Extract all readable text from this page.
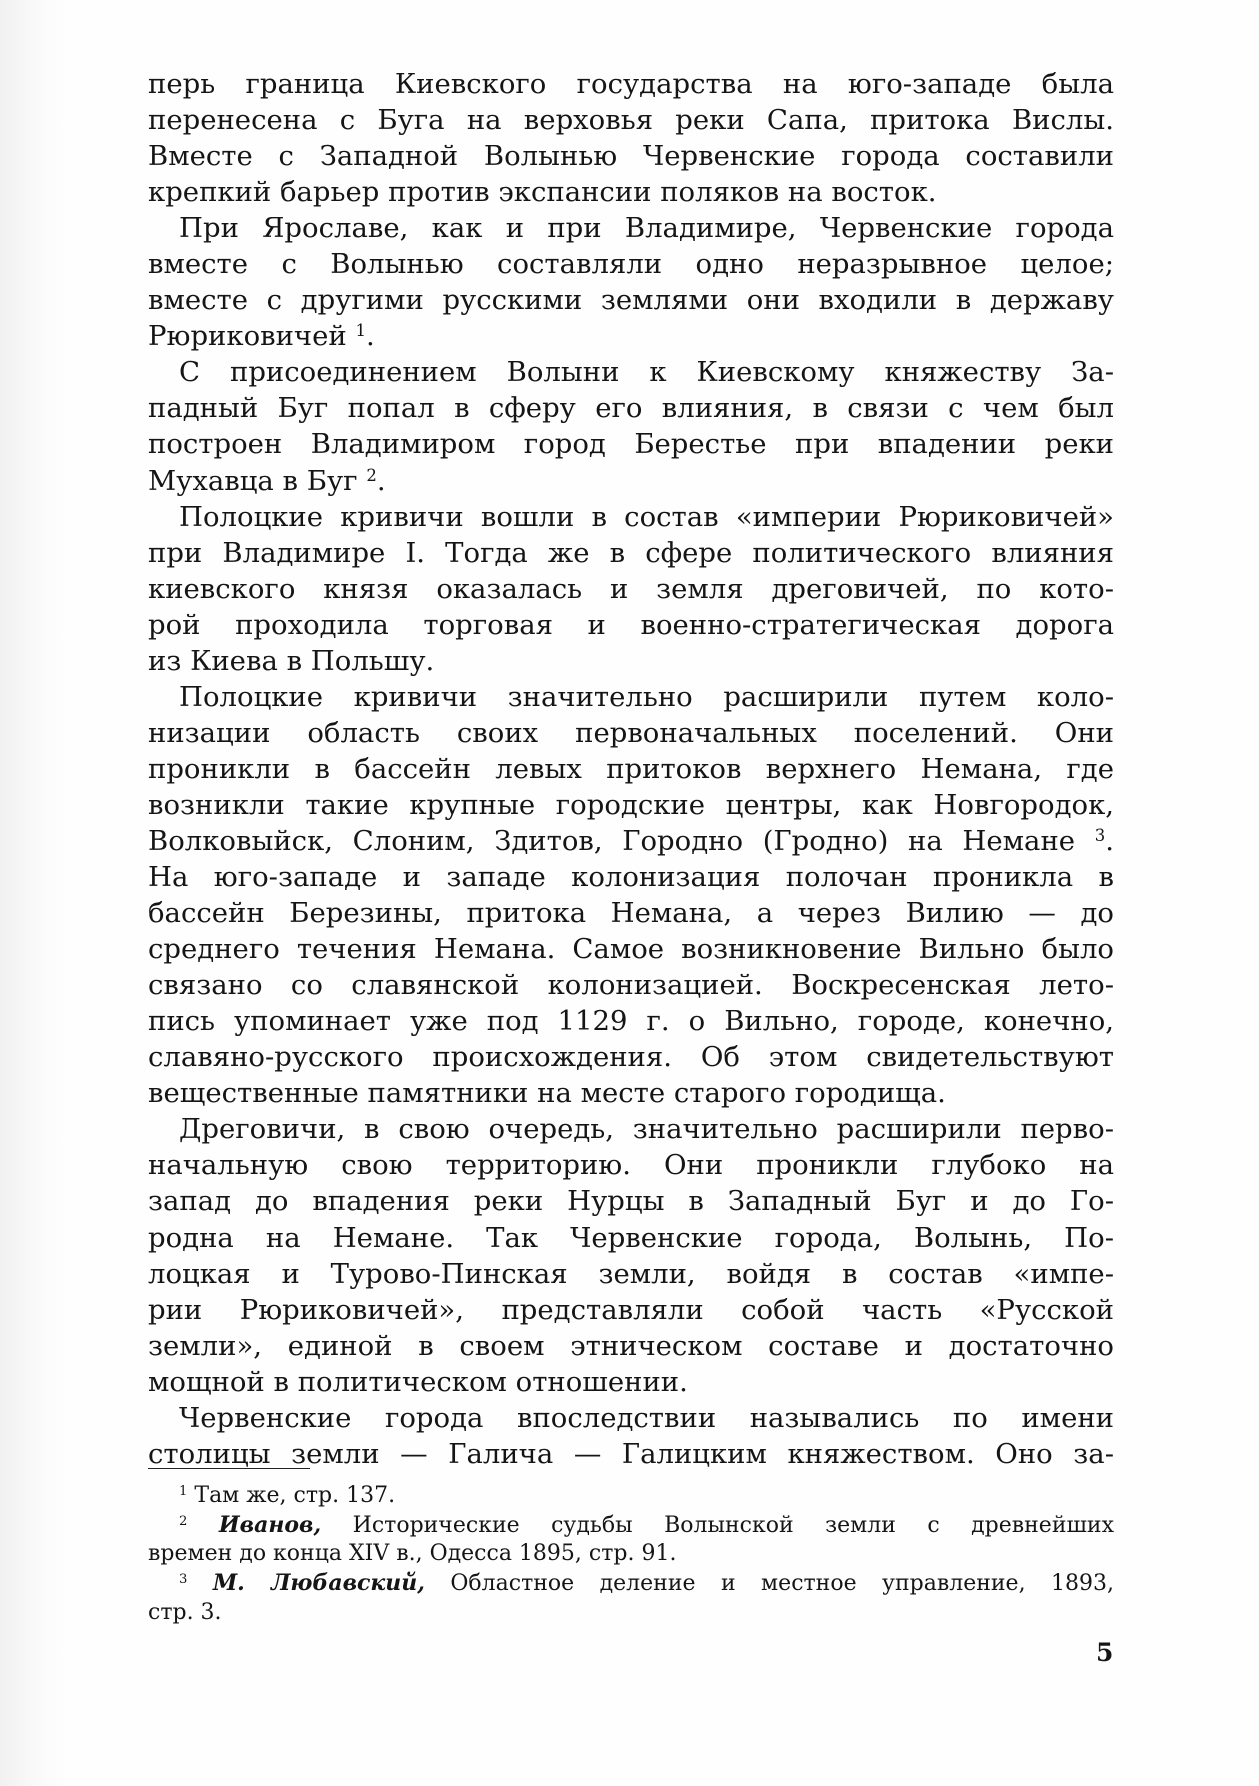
перь граница Киевского государства на юго-западе была

перенесена с Буга на верховья реки Сапа, притока Вислы.

Вместе с Западной Волынью Червенские города составили

крепкий барьер против экспансии поляков на восток.

При Ярославе, как и при Владимире, Червенские города

вместе с Волынью составляли одно неразрывное целое;

вместе с другими русскими землями они входили в державу

Рюриковичей $^1$.

С присоединением Волыни к Киевскому княжеству За-

падный Буг попал в сферу его влияния, в связи с чем был

построен Владимиром город Берестье при впадении реки

Мухавца в Буг $^2$.

Полоцкие кривичи вошли в состав «империи Рюриковичей»

при Владимире I. Тогда же в сфере политического влияния

киевского князя оказалась и земля дреговичей, по кото-

рой проходила торговая и военно-стратегическая дорога

из Киева в Польшу.

Полоцкие кривичи значительно расширили путем коло-

низации область своих первоначальных поселений. Они

проникли в бассейн левых притоков верхнего Немана, где

возникли такие крупные городские центры, как Новгородок,

Волковыйск, Слоним, Здитов, Городно (Гродно) на Немане $^3$.

На юго-западе и западе колонизация полочан проникла в

бассейн Березины, притока Немана, а через Вилию — до

среднего течения Немана. Самое возникновение Вильно было

связано со славянской колонизацией. Воскресенская лето-

пись упоминает уже под 1129 г. о Вильно, городе, конечно,

славяно-русского происхождения. Об этом свидетельствуют

вещественные памятники на месте старого городища.

Дреговичи, в свою очередь, значительно расширили перво-

начальную свою территорию. Они проникли глубоко на

запад до впадения реки Нурцы в Западный Буг и до Го-

родна на Немане. Так Червенские города, Волынь, По-

лоцкая и Турово-Пинская земли, войдя в состав «импе-

рии Рюриковичей», представляли собой часть «Русской

земли», единой в своем этническом составе и достаточно

мощной в политическом отношении.

Червенские города впоследствии назывались по имени

столицы земли — Галича — Галицким княжеством. Оно за-

$^1$ Там же, стр. 137.

$^2$ Иванов, Исторические судьбы Волынской земли с древнейших

времен до конца XIV в., Одесса 1895, стр. 91.

$^3$ М. Любавский, Областное деление и местное управление, 1893,

стр. 3.

5
